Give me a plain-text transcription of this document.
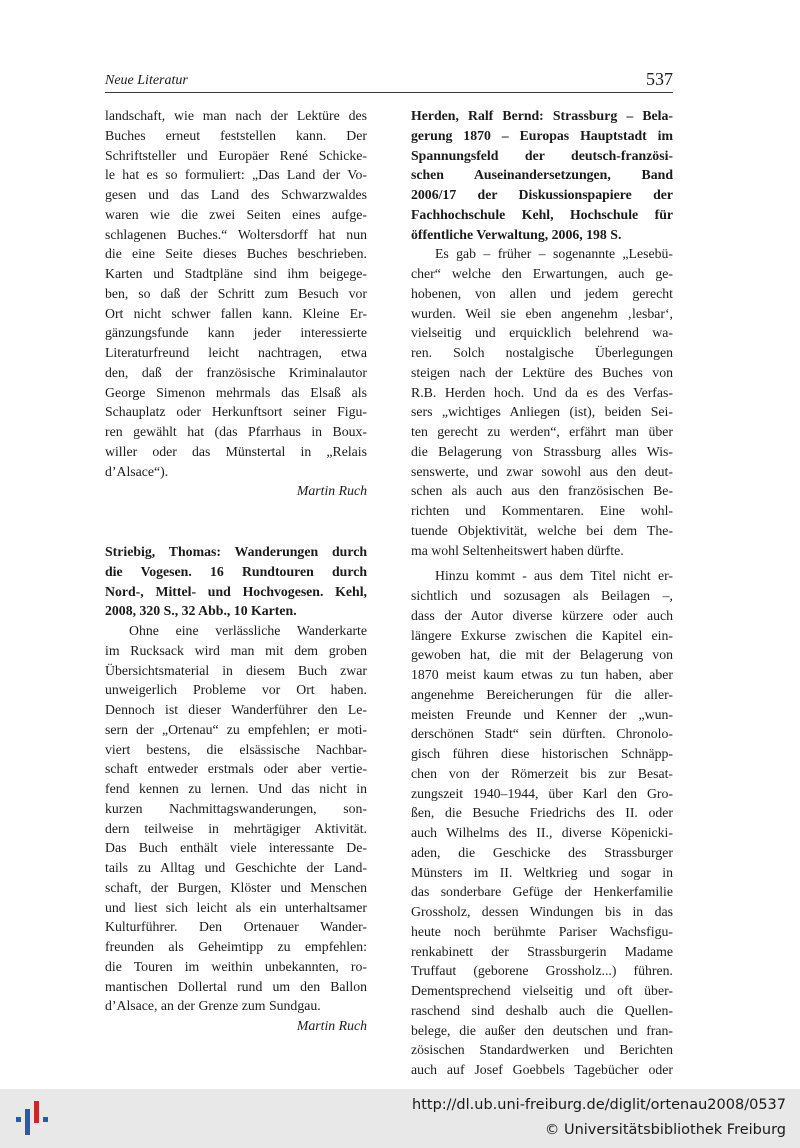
Neue Literatur	537
landschaft, wie man nach der Lektüre des
Buches erneut feststellen kann. Der
Schriftsteller und Europäer René Schicke-
le hat es so formuliert: „Das Land der Vo-
gesen und das Land des Schwarzwaldes
waren wie die zwei Seiten eines aufge-
schlagenen Buches.“ Woltersdorff hat nun
die eine Seite dieses Buches beschrieben.
Karten und Stadtpläne sind ihm beigege-
ben, so daß der Schritt zum Besuch vor
Ort nicht schwer fallen kann. Kleine Er-
gänzungsfunde kann jeder interessierte
Literaturfreund leicht nachtragen, etwa
den, daß der französische Kriminalautor
George Simenon mehrmals das Elsaß als
Schauplatz oder Herkunftsort seiner Figu-
ren gewählt hat (das Pfarrhaus in Boux-
willer oder das Münstertal in „Relais
d’Alsace“).
Martin Ruch
Striebig, Thomas: Wanderungen durch
die Vogesen. 16 Rundtouren durch
Nord-, Mittel- und Hochvogesen. Kehl,
2008, 320 S., 32 Abb., 10 Karten.
Ohne eine verlässliche Wanderkarte
im Rucksack wird man mit dem groben
Übersichtsmaterial in diesem Buch zwar
unweigerlich Probleme vor Ort haben.
Dennoch ist dieser Wanderführer den Le-
sern der „Ortenau“ zu empfehlen; er moti-
viert bestens, die elsässische Nachbar-
schaft entweder erstmals oder aber vertie-
fend kennen zu lernen. Und das nicht in
kurzen Nachmittagswanderungen, son-
dern teilweise in mehrtägiger Aktivität.
Das Buch enthält viele interessante De-
tails zu Alltag und Geschichte der Land-
schaft, der Burgen, Klöster und Menschen
und liest sich leicht als ein unterhaltsamer
Kulturführer. Den Ortenauer Wander-
freunden als Geheimtipp zu empfehlen:
die Touren im weithin unbekannten, ro-
mantischen Dollertal rund um den Ballon
d’Alsace, an der Grenze zum Sundgau.
Martin Ruch
Herden, Ralf Bernd: Strassburg – Bela-
gerung 1870 – Europas Hauptstadt im
Spannungsfeld der deutsch-französi-
schen Auseinandersetzungen, Band
2006/17 der Diskussionspapiere der
Fachhochschule Kehl, Hochschule für
öffentliche Verwaltung, 2006, 198 S.
Es gab – früher – sogenannte „Lesebü-
cher“ welche den Erwartungen, auch ge-
hobenen, von allen und jedem gerecht
wurden. Weil sie eben angenehm ‚lesbar‘,
vielseitig und erquicklich belehrend wa-
ren. Solch nostalgische Überlegungen
steigen nach der Lektüre des Buches von
R.B. Herden hoch. Und da es des Verfas-
sers „wichtiges Anliegen (ist), beiden Sei-
ten gerecht zu werden“, erfährt man über
die Belagerung von Strassburg alles Wis-
senswerte, und zwar sowohl aus den deut-
schen als auch aus den französischen Be-
richten und Kommentaren. Eine wohl-
tuende Objektivität, welche bei dem The-
ma wohl Seltenheitswert haben dürfte.
Hinzu kommt - aus dem Titel nicht er-
sichtlich und sozusagen als Beilagen –,
dass der Autor diverse kürzere oder auch
längere Exkurse zwischen die Kapitel ein-
gewoben hat, die mit der Belagerung von
1870 meist kaum etwas zu tun haben, aber
angenehme Bereicherungen für die aller-
meisten Freunde und Kenner der „wun-
derschönen Stadt“ sein dürften. Chronolo-
gisch führen diese historischen Schnäpp-
chen von der Römerzeit bis zur Besat-
zungszeit 1940–1944, über Karl den Gro-
ßen, die Besuche Friedrichs des II. oder
auch Wilhelms des II., diverse Köpenicki-
aden, die Geschicke des Strassburger
Münsters im II. Weltkrieg und sogar in
das sonderbare Gefüge der Henkerfamilie
Grossholz, dessen Windungen bis in das
heute noch berühmte Pariser Wachsfigu-
renkabinett der Strassburgerin Madame
Truffaut (geborene Grossholz...) führen.
Dementsprechend vielseitig und oft über-
raschend sind deshalb auch die Quellen-
belege, die außer den deutschen und fran-
zösischen Standardwerken und Berichten
auch auf Josef Goebbels Tagebücher oder
http://dl.ub.uni-freiburg.de/diglit/ortenau2008/0537
© Universitätsbibliothek Freiburg
